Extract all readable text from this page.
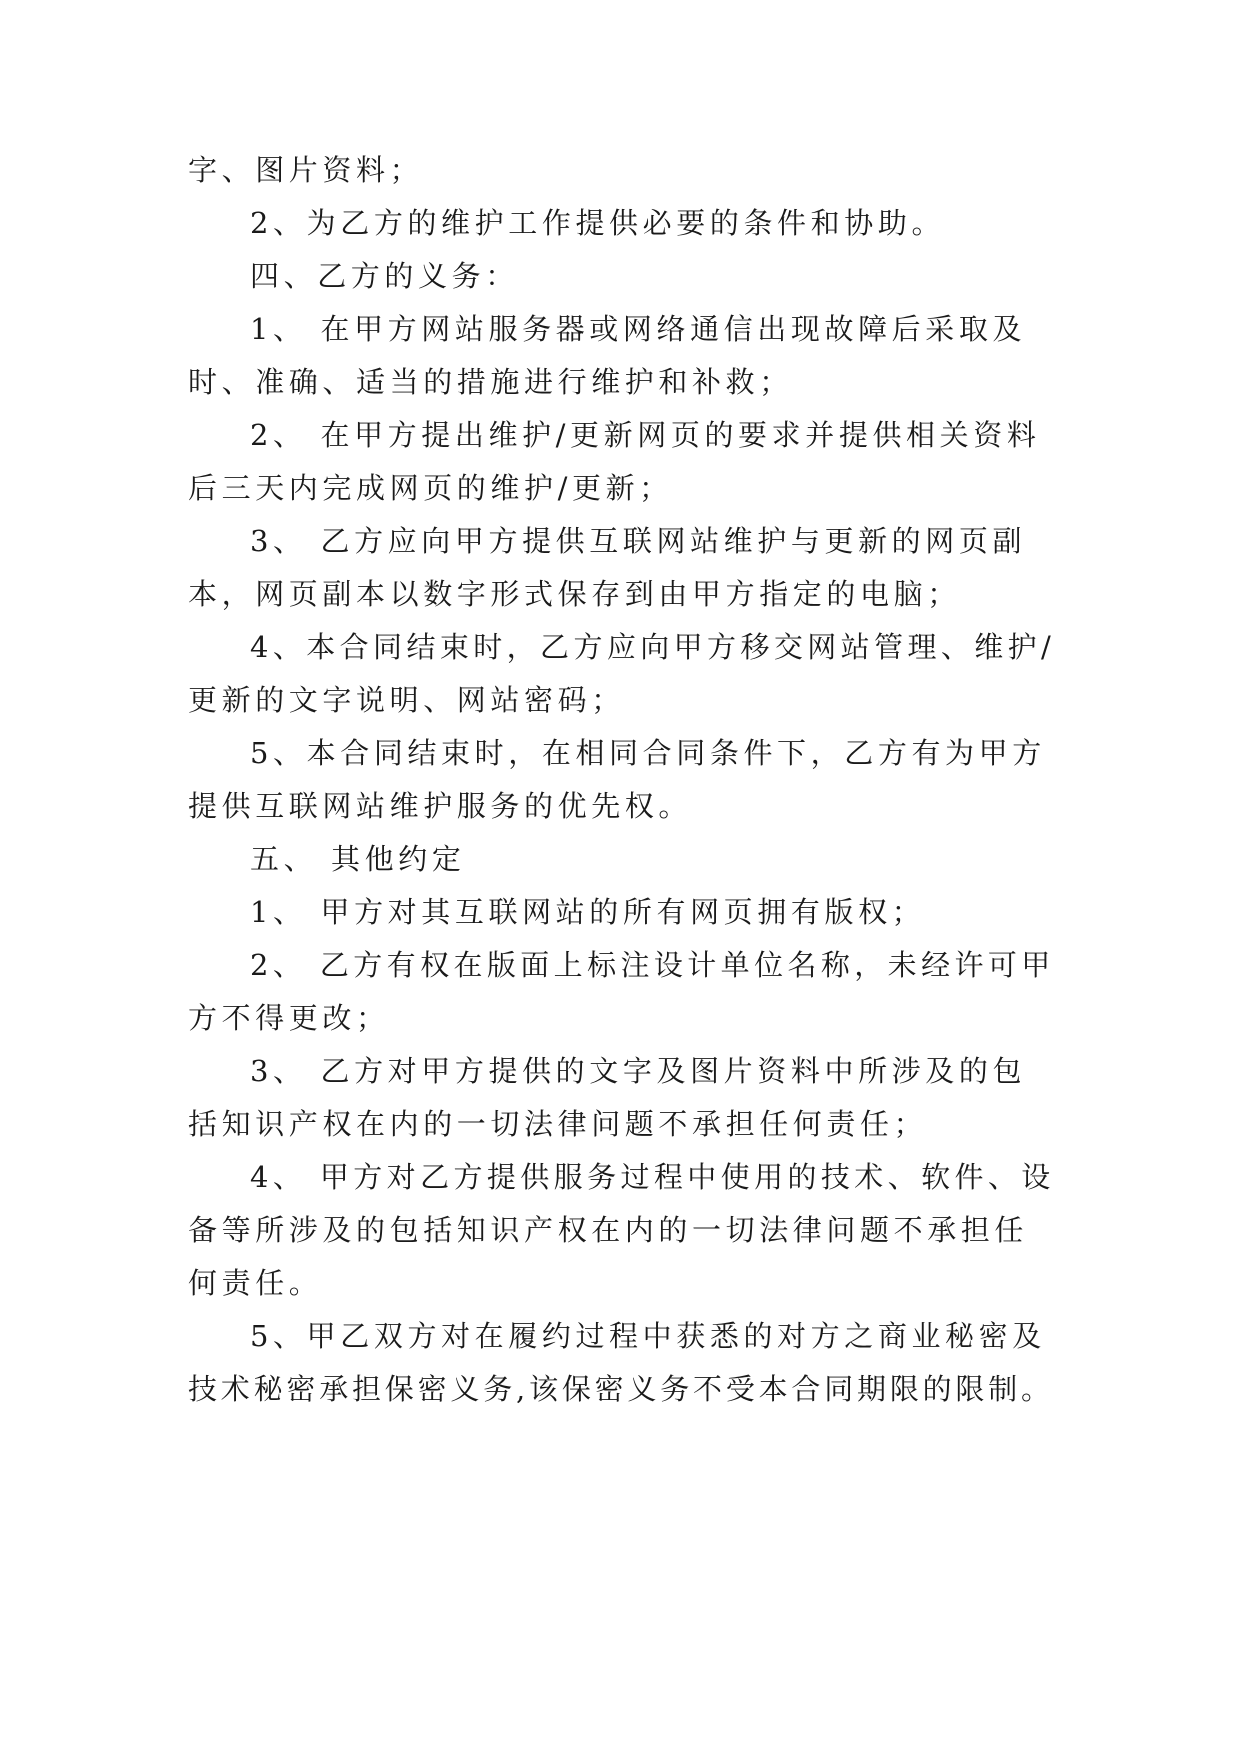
字、图片资料；
2、为乙方的维护工作提供必要的条件和协助。
四、乙方的义务：
1、 在甲方网站服务器或网络通信出现故障后采取及
时、准确、适当的措施进行维护和补救；
2、 在甲方提出维护/更新网页的要求并提供相关资料
后三天内完成网页的维护/更新；
3、 乙方应向甲方提供互联网站维护与更新的网页副
本，网页副本以数字形式保存到由甲方指定的电脑；
4、本合同结束时，乙方应向甲方移交网站管理、维护/
更新的文字说明、网站密码；
5、本合同结束时，在相同合同条件下，乙方有为甲方
提供互联网站维护服务的优先权。
五、 其他约定
1、 甲方对其互联网站的所有网页拥有版权；
2、 乙方有权在版面上标注设计单位名称，未经许可甲
方不得更改；
3、 乙方对甲方提供的文字及图片资料中所涉及的包
括知识产权在内的一切法律问题不承担任何责任；
4、 甲方对乙方提供服务过程中使用的技术、软件、设
备等所涉及的包括知识产权在内的一切法律问题不承担任
何责任。
5、甲乙双方对在履约过程中获悉的对方之商业秘密及
技术秘密承担保密义务,该保密义务不受本合同期限的限制。
